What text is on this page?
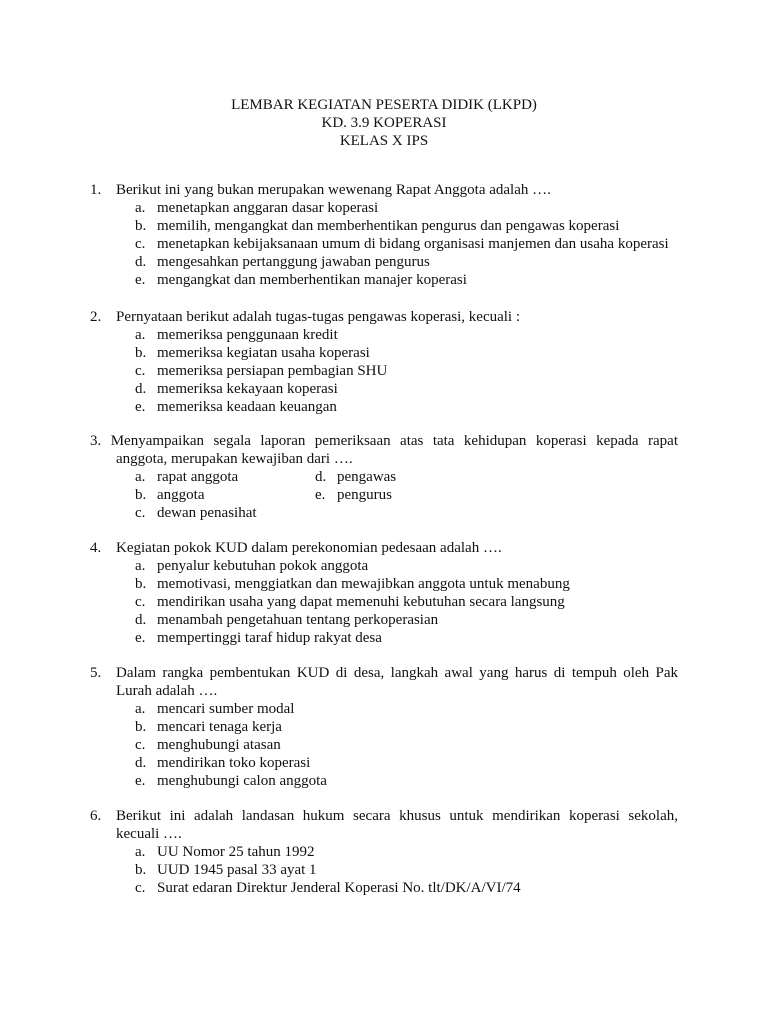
LEMBAR KEGIATAN PESERTA DIDIK (LKPD)
KD. 3.9 KOPERASI
KELAS X IPS
1. Berikut ini yang bukan merupakan wewenang Rapat Anggota adalah ….
a. menetapkan anggaran dasar koperasi
b. memilih, mengangkat dan memberhentikan pengurus dan pengawas koperasi
c. menetapkan kebijaksanaan umum di bidang organisasi manjemen dan usaha koperasi
d. mengesahkan pertanggung jawaban pengurus
e. mengangkat dan memberhentikan manajer koperasi
2. Pernyataan berikut adalah tugas-tugas pengawas koperasi, kecuali :
a. memeriksa penggunaan kredit
b. memeriksa kegiatan usaha koperasi
c. memeriksa persiapan pembagian SHU
d. memeriksa kekayaan koperasi
e. memeriksa keadaan keuangan
3. Menyampaikan segala laporan pemeriksaan atas tata kehidupan koperasi kepada rapat
anggota, merupakan kewajiban dari ….
a. rapat anggota	d. pengawas
b. anggota	e. pengurus
c. dewan penasihat
4. Kegiatan pokok KUD dalam perekonomian pedesaan adalah ….
a. penyalur kebutuhan pokok anggota
b. memotivasi, menggiatkan dan mewajibkan anggota untuk menabung
c. mendirikan usaha yang dapat memenuhi kebutuhan secara langsung
d. menambah pengetahuan tentang perkoperasian
e. mempertinggi taraf hidup rakyat desa
5. Dalam rangka pembentukan KUD di desa, langkah awal yang harus di tempuh oleh Pak
Lurah adalah ….
a. mencari sumber modal
b. mencari tenaga kerja
c. menghubungi atasan
d. mendirikan toko koperasi
e. menghubungi calon anggota
6. Berikut ini adalah landasan hukum secara khusus untuk mendirikan koperasi sekolah,
kecuali ….
a. UU Nomor 25 tahun 1992
b. UUD 1945 pasal 33 ayat 1
c. Surat edaran Direktur Jenderal Koperasi No. tlt/DK/A/VI/74
